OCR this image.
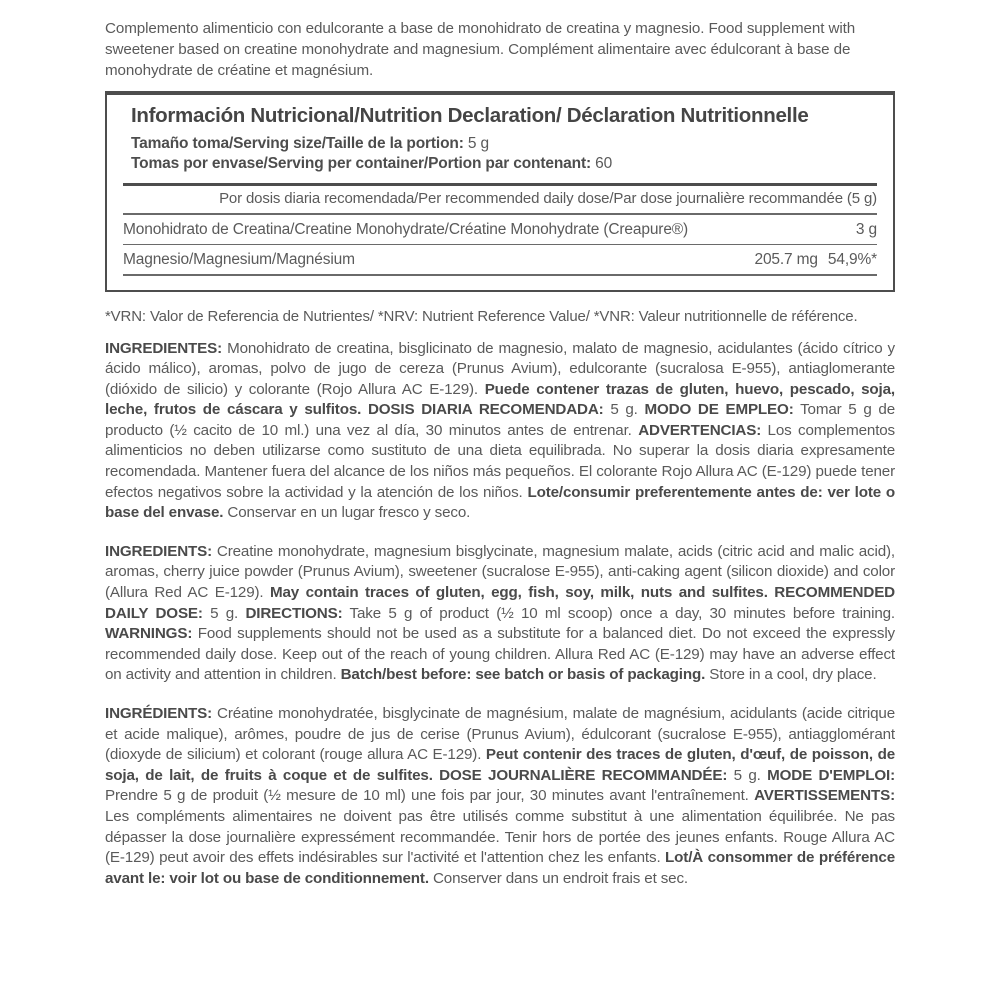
Complemento alimenticio con edulcorante a base de monohidrato de creatina y magnesio. Food supplement with sweetener based on creatine monohydrate and magnesium. Complément alimentaire avec édulcorant à base de monohydrate de créatine et magnésium.

Información Nutricional/Nutrition Declaration/ Déclaration Nutritionnelle
Tamaño toma/Serving size/Taille de la portion: 5 g
Tomas por envase/Serving per container/Portion par contenant: 60
Por dosis diaria recomendada/Per recommended daily dose/Par dose journalière recommandée (5 g)
Monohidrato de Creatina/Creatine Monohydrate/Créatine Monohydrate (Creapure®)	3 g
Magnesio/Magnesium/Magnésium	205.7 mg 54,9%*

*VRN: Valor de Referencia de Nutrientes/ *NRV: Nutrient Reference Value/ *VNR: Valeur nutritionnelle de référence.

INGREDIENTES: Monohidrato de creatina, bisglicinato de magnesio, malato de magnesio, acidulantes (ácido cítrico y ácido málico), aromas, polvo de jugo de cereza (Prunus Avium), edulcorante (sucralosa E-955), antiaglomerante (dióxido de silicio) y colorante (Rojo Allura AC E-129). Puede contener trazas de gluten, huevo, pescado, soja, leche, frutos de cáscara y sulfitos. DOSIS DIARIA RECOMENDADA: 5 g. MODO DE EMPLEO: Tomar 5 g de producto (½ cacito de 10 ml.) una vez al día, 30 minutos antes de entrenar. ADVERTENCIAS: Los complementos alimenticios no deben utilizarse como sustituto de una dieta equilibrada. No superar la dosis diaria expresamente recomendada. Mantener fuera del alcance de los niños más pequeños. El colorante Rojo Allura AC (E-129) puede tener efectos negativos sobre la actividad y la atención de los niños. Lote/consumir preferentemente antes de: ver lote o base del envase. Conservar en un lugar fresco y seco.

INGREDIENTS: Creatine monohydrate, magnesium bisglycinate, magnesium malate, acids (citric acid and malic acid), aromas, cherry juice powder (Prunus Avium), sweetener (sucralose E-955), anti-caking agent (silicon dioxide) and color (Allura Red AC E-129). May contain traces of gluten, egg, fish, soy, milk, nuts and sulfites. RECOMMENDED DAILY DOSE: 5 g. DIRECTIONS: Take 5 g of product (½ 10 ml scoop) once a day, 30 minutes before training. WARNINGS: Food supplements should not be used as a substitute for a balanced diet. Do not exceed the expressly recommended daily dose. Keep out of the reach of young children. Allura Red AC (E-129) may have an adverse effect on activity and attention in children. Batch/best before: see batch or basis of packaging. Store in a cool, dry place.

INGRÉDIENTS: Créatine monohydratée, bisglycinate de magnésium, malate de magnésium, acidulants (acide citrique et acide malique), arômes, poudre de jus de cerise (Prunus Avium), édulcorant (sucralose E-955), antiagglomérant (dioxyde de silicium) et colorant (rouge allura AC E-129). Peut contenir des traces de gluten, d'œuf, de poisson, de soja, de lait, de fruits à coque et de sulfites. DOSE JOURNALIÈRE RECOMMANDÉE: 5 g. MODE D'EMPLOI: Prendre 5 g de produit (½ mesure de 10 ml) une fois par jour, 30 minutes avant l'entraînement. AVERTISSEMENTS: Les compléments alimentaires ne doivent pas être utilisés comme substitut à une alimentation équilibrée. Ne pas dépasser la dose journalière expressément recommandée. Tenir hors de portée des jeunes enfants. Rouge Allura AC (E-129) peut avoir des effets indésirables sur l'activité et l'attention chez les enfants. Lot/À consommer de préférence avant le: voir lot ou base de conditionnement. Conserver dans un endroit frais et sec.
